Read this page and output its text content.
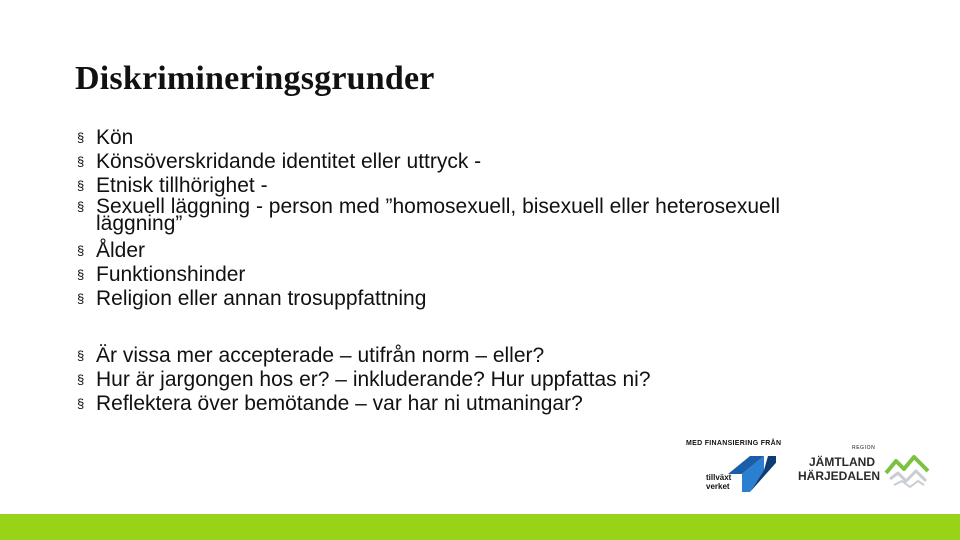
Diskrimineringsgrunder
§ Kön
§ Könsöverskridande identitet eller uttryck -
§ Etnisk tillhörighet -
§ Sexuell läggning - person med ”homosexuell, bisexuell eller heterosexuell läggning”
§ Ålder
§ Funktionshinder
§ Religion eller annan trosuppfattning
§ Är vissa mer accepterade – utifrån norm – eller?
§ Hur är jargongen hos er? – inkluderande? Hur uppfattas ni?
§ Reflektera över bemötande – var har ni utmaningar?
MED FINANSIERING FRÅN
tillväxt
verket
REGION
JÄMTLAND
HÄRJEDALEN
